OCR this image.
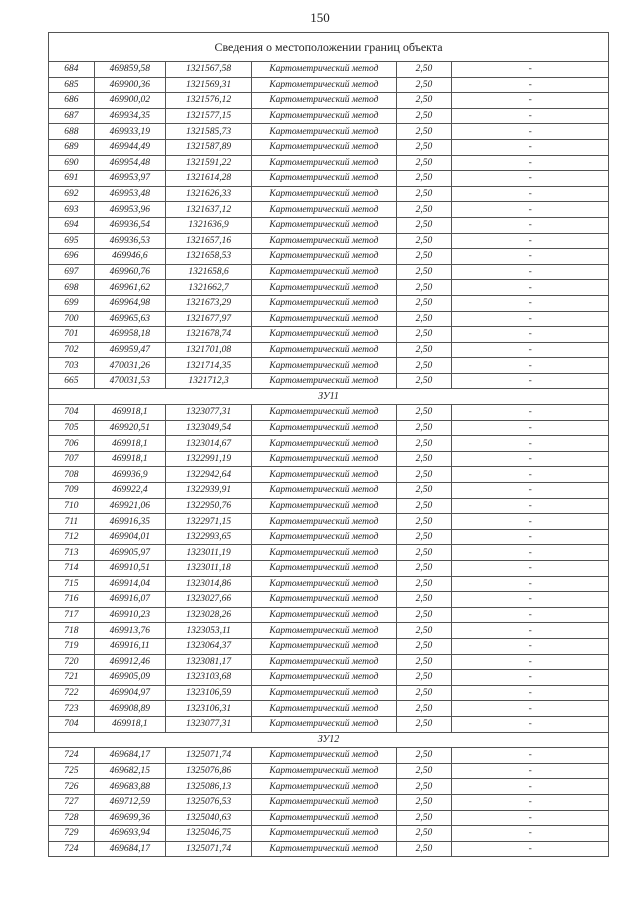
150
Сведения о местоположении границ объекта					
684	469859,58	1321567,58	Картометрический метод	2,50	-
685	469900,36	1321569,31	Картометрический метод	2,50	-
686	469900,02	1321576,12	Картометрический метод	2,50	-
687	469934,35	1321577,15	Картометрический метод	2,50	-
688	469933,19	1321585,73	Картометрический метод	2,50	-
689	469944,49	1321587,89	Картометрический метод	2,50	-
690	469954,48	1321591,22	Картометрический метод	2,50	-
691	469953,97	1321614,28	Картометрический метод	2,50	-
692	469953,48	1321626,33	Картометрический метод	2,50	-
693	469953,96	1321637,12	Картометрический метод	2,50	-
694	469936,54	1321636,9	Картометрический метод	2,50	-
695	469936,53	1321657,16	Картометрический метод	2,50	-
696	469946,6	1321658,53	Картометрический метод	2,50	-
697	469960,76	1321658,6	Картометрический метод	2,50	-
698	469961,62	1321662,7	Картометрический метод	2,50	-
699	469964,98	1321673,29	Картометрический метод	2,50	-
700	469965,63	1321677,97	Картометрический метод	2,50	-
701	469958,18	1321678,74	Картометрический метод	2,50	-
702	469959,47	1321701,08	Картометрический метод	2,50	-
703	470031,26	1321714,35	Картометрический метод	2,50	-
665	470031,53	1321712,3	Картометрический метод	2,50	-
ЗУ11					
704	469918,1	1323077,31	Картометрический метод	2,50	-
705	469920,51	1323049,54	Картометрический метод	2,50	-
706	469918,1	1323014,67	Картометрический метод	2,50	-
707	469918,1	1322991,19	Картометрический метод	2,50	-
708	469936,9	1322942,64	Картометрический метод	2,50	-
709	469922,4	1322939,91	Картометрический метод	2,50	-
710	469921,06	1322950,76	Картометрический метод	2,50	-
711	469916,35	1322971,15	Картометрический метод	2,50	-
712	469904,01	1322993,65	Картометрический метод	2,50	-
713	469905,97	1323011,19	Картометрический метод	2,50	-
714	469910,51	1323011,18	Картометрический метод	2,50	-
715	469914,04	1323014,86	Картометрический метод	2,50	-
716	469916,07	1323027,66	Картометрический метод	2,50	-
717	469910,23	1323028,26	Картометрический метод	2,50	-
718	469913,76	1323053,11	Картометрический метод	2,50	-
719	469916,11	1323064,37	Картометрический метод	2,50	-
720	469912,46	1323081,17	Картометрический метод	2,50	-
721	469905,09	1323103,68	Картометрический метод	2,50	-
722	469904,97	1323106,59	Картометрический метод	2,50	-
723	469908,89	1323106,31	Картометрический метод	2,50	-
704	469918,1	1323077,31	Картометрический метод	2,50	-
ЗУ12					
724	469684,17	1325071,74	Картометрический метод	2,50	-
725	469682,15	1325076,86	Картометрический метод	2,50	-
726	469683,88	1325086,13	Картометрический метод	2,50	-
727	469712,59	1325076,53	Картометрический метод	2,50	-
728	469699,36	1325040,63	Картометрический метод	2,50	-
729	469693,94	1325046,75	Картометрический метод	2,50	-
724	469684,17	1325071,74	Картометрический метод	2,50	-
